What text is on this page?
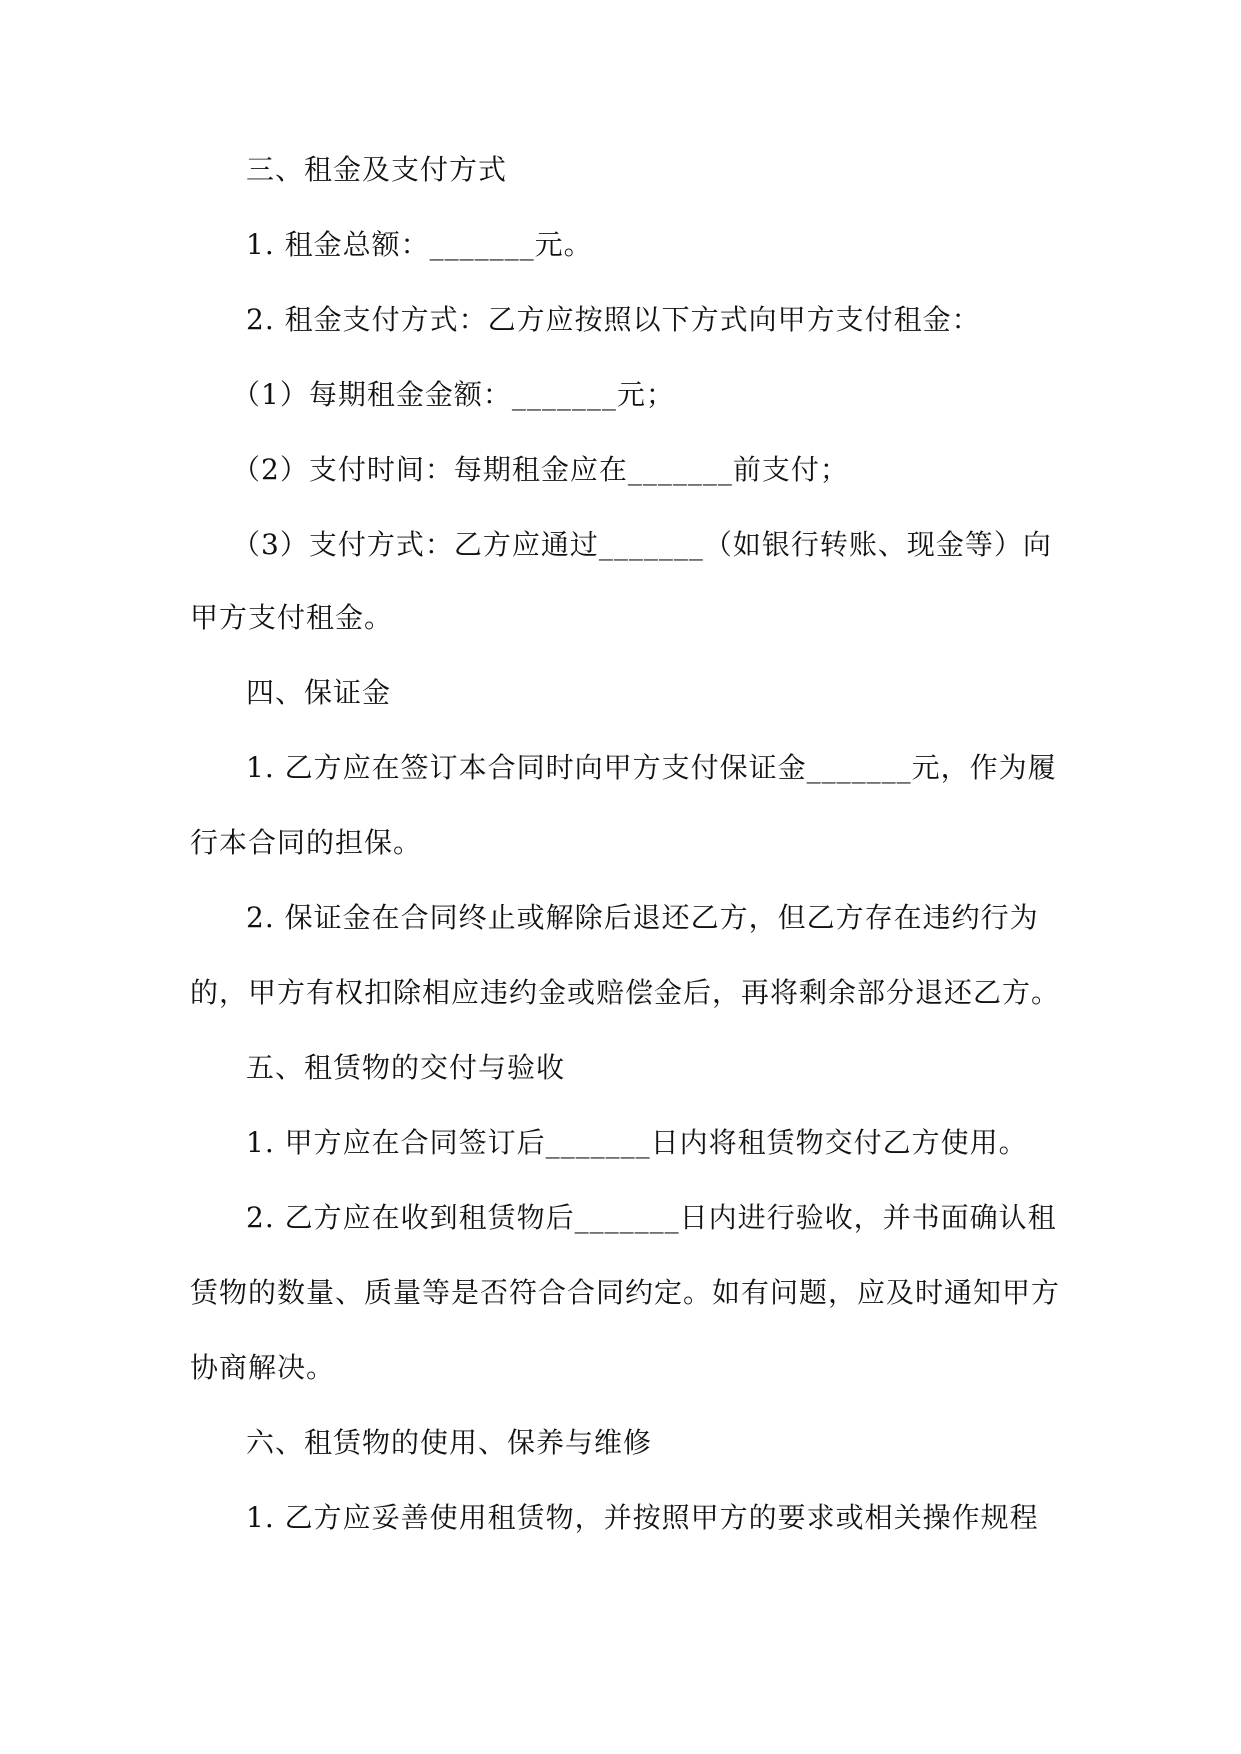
三、租金及支付方式
1. 租金总额：_______元。
2. 租金支付方式：乙方应按照以下方式向甲方支付租金：
（1）每期租金金额：_______元；
（2）支付时间：每期租金应在_______前支付；
（3）支付方式：乙方应通过_______（如银行转账、现金等）向
甲方支付租金。
四、保证金
1. 乙方应在签订本合同时向甲方支付保证金_______元，作为履
行本合同的担保。
2. 保证金在合同终止或解除后退还乙方，但乙方存在违约行为
的，甲方有权扣除相应违约金或赔偿金后，再将剩余部分退还乙方。
五、租赁物的交付与验收
1. 甲方应在合同签订后_______日内将租赁物交付乙方使用。
2. 乙方应在收到租赁物后_______日内进行验收，并书面确认租
赁物的数量、质量等是否符合合同约定。如有问题，应及时通知甲方
协商解决。
六、租赁物的使用、保养与维修
1. 乙方应妥善使用租赁物，并按照甲方的要求或相关操作规程
